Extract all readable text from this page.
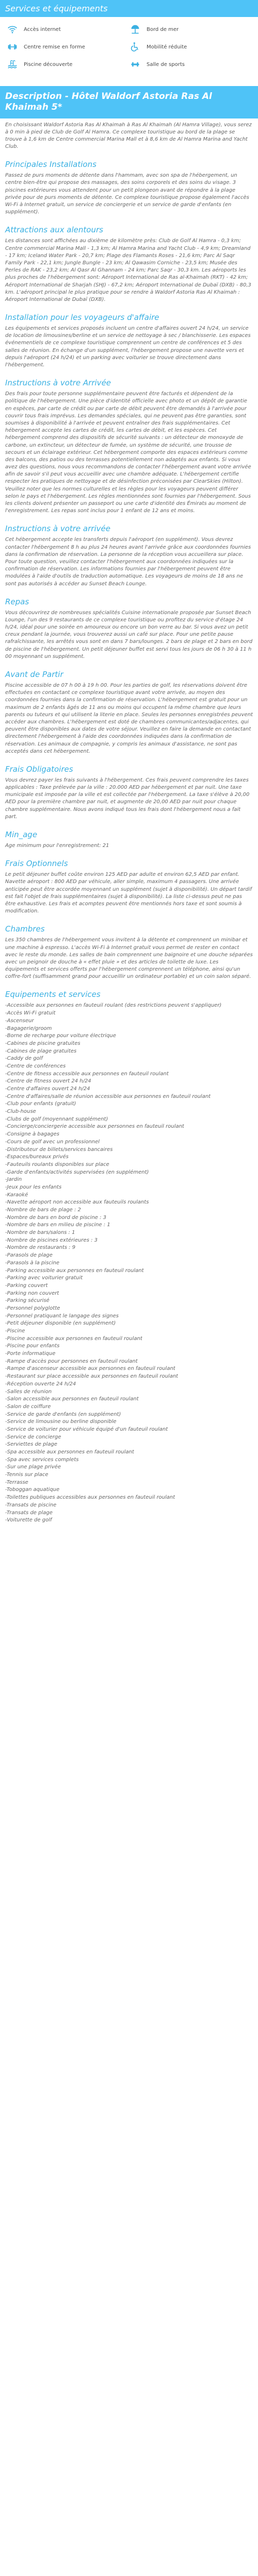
Services et équipements
Accès internet	Bord de mer
Centre remise en forme	Mobilité réduite
Piscine découverte	Salle de sports
Description - Hôtel Waldorf Astoria Ras Al Khaimah 5*

En choisissant Waldorf Astoria Ras Al Khaimah à Ras Al Khaimah (Al Hamra Village), vous serez à 0 min à pied de Club de Golf Al Hamra. Ce complexe touristique au bord de la plage se trouve à 1,6 km de Centre commercial Marina Mall et à 8,6 km de Al Hamra Marina and Yacht Club.

Principales Installations

Passez de purs moments de détente dans l'hammam, avec son spa de l'hébergement, un centre bien-être qui propose des massages, des soins corporels et des soins du visage. 3 piscines extérieures vous attendent pour un petit plongeon avant de répondre à la plage privée pour de purs moments de détente. Ce complexe touristique propose également l'accès Wi-Fi à Internet gratuit, un service de conciergerie et un service de garde d'enfants (en supplément).

Attractions aux alentours

Les distances sont affichées au dixième de kilomètre près: Club de Golf Al Hamra - 0,3 km; Centre commercial Marina Mall - 1,3 km; Al Hamra Marina and Yacht Club - 4,9 km; Dreamland - 17 km; Iceland Water Park - 20,7 km; Plage des Flamants Roses - 21,6 km; Parc Al Saqr Family Park - 22,1 km; Jungle Bungle - 23 km; Al Qawasim Corniche - 23,5 km; Musée des Perles de RAK - 23,2 km; Al Qasr Al Ghannam - 24 km; Parc Saqr - 30,3 km. Les aéroports les plus proches de l'hébergement sont: Aéroport International de Ras al-Khaimah (RKT) - 42 km; Aéroport International de Sharjah (SHJ) - 67,2 km; Aéroport International de Dubaï (DXB) - 80,3 km. L'aéroport principal le plus pratique pour se rendre à Waldorf Astoria Ras Al Khaimah : Aéroport International de Dubaï (DXB).

Installation pour les voyageurs d'affaire

Les équipements et services proposés incluent un centre d'affaires ouvert 24 h/24, un service de location de limousines/berline et un service de nettoyage à sec / blanchisserie. Les espaces événementiels de ce complexe touristique comprennent un centre de conférences et 5 des salles de réunion. En échange d'un supplément, l'hébergement propose une navette vers et depuis l'aéroport (24 h/24) et un parking avec voiturier se trouve directement dans l'hébergement.

Instructions à votre Arrivée

Des frais pour toute personne supplémentaire peuvent être facturés et dépendent de la politique de l'hébergement. Une pièce d'identité officielle avec photo et un dépôt de garantie en espèces, par carte de crédit ou par carte de débit peuvent être demandés à l'arrivée pour couvrir tous frais imprévus. Les demandes spéciales, qui ne peuvent pas être garanties, sont soumises à disponibilité à l'arrivée et peuvent entraîner des frais supplémentaires. Cet hébergement accepte les cartes de crédit, les cartes de débit, et les espèces. Cet hébergement comprend des dispositifs de sécurité suivants : un détecteur de monoxyde de carbone, un extincteur, un détecteur de fumée, un système de sécurité, une trousse de secours et un éclairage extérieur. Cet hébergement comporte des espaces extérieurs comme des balcons, des patios ou des terrasses potentiellement non adaptés aux enfants. Si vous avez des questions, nous vous recommandons de contacter l'hébergement avant votre arrivée afin de savoir s'il peut vous accueillir avec une chambre adéquate. L'hébergement certifie respecter les pratiques de nettoyage et de désinfection préconisées par ClearSkies (Hilton). Veuillez noter que les normes culturelles et les règles pour les voyageurs peuvent différer selon le pays et l'hébergement. Les règles mentionnées sont fournies par l'hébergement. Sous les clients doivent présenter un passeport ou une carte d'identité des Émirats au moment de l'enregistrement. Les repas sont inclus pour 1 enfant de 12 ans et moins.

Instructions à votre arrivée

Cet hébergement accepte les transferts depuis l'aéroport (en supplément). Vous devrez contacter l'hébergement 8 h au plus 24 heures avant l'arrivée grâce aux coordonnées fournies dans la confirmation de réservation. La personne de la réception vous accueillera sur place. Pour toute question, veuillez contacter l'hébergement aux coordonnées indiquées sur la confirmation de réservation. Les informations fournies par l'hébergement peuvent être modulées à l'aide d'outils de traduction automatique. Les voyageurs de moins de 18 ans ne sont pas autorisés à accéder au Sunset Beach Lounge.

Repas

Vous découvrirez de nombreuses spécialités Cuisine internationale proposée par Sunset Beach Lounge, l'un des 9 restaurants de ce complexe touristique ou profitez du service d'étage 24 h/24, idéal pour une soirée en amoureux ou encore un bon verre au bar. Si vous avez un petit creux pendant la journée, vous trouverez aussi un café sur place. Pour une petite pause rafraîchissante, les arrêtés vous sont en dans 7 bars/lounges. 2 bars de plage et 2 bars en bord de piscine de l'hébergement. Un petit déjeuner buffet est servi tous les jours de 06 h 30 à 11 h 00 moyennant un supplément.

Avant de Partir

Piscine accessible de 07 h 00 à 19 h 00. Pour les parties de golf, les réservations doivent être effectuées en contactant ce complexe touristique avant votre arrivée, au moyen des coordonnées fournies dans la confirmation de réservation. L'hébergement est gratuit pour un maximum de 2 enfants âgés de 11 ans ou moins qui occupent la même chambre que leurs parents ou tuteurs et qui utilisent la literie en place. Seules les personnes enregistrées peuvent accéder aux chambres. L'hébergement est doté de chambres communicantes/adjacentes, qui peuvent être disponibles aux dates de votre séjour. Veuillez en faire la demande en contactant directement l'hébergement à l'aide des coordonnées indiquées dans la confirmation de réservation. Les animaux de compagnie, y compris les animaux d'assistance, ne sont pas acceptés dans cet hébergement.

Frais Obligatoires

Vous devrez payer les frais suivants à l'hébergement. Ces frais peuvent comprendre les taxes applicables : Taxe prélevée par la ville : 20.000 AED par hébergement et par nuit. Une taxe municipale est imposée par la ville et est collectée par l'hébergement. La taxe s'élève à 20,00 AED pour la première chambre par nuit, et augmente de 20,00 AED par nuit pour chaque chambre supplémentaire. Nous avons indiqué tous les frais dont l'hébergement nous a fait part.

Min_age

Age minimum pour l'enregistrement: 21

Frais Optionnels

Le petit déjeuner buffet coûte environ 125 AED par adulte et environ 62,5 AED par enfant. Navette aéroport : 800 AED par véhicule, aller simple, maximum 4 passagers. Une arrivée anticipée peut être accordée moyennant un supplément (sujet à disponibilité). Un départ tardif est fait l'objet de frais supplémentaires (sujet à disponibilité). La liste ci-dessus peut ne pas être exhaustive. Les frais et acomptes peuvent être mentionnés hors taxe et sont soumis à modification.

Chambres

Les 350 chambres de l'hébergement vous invitent à la détente et comprennent un minibar et une machine à espresso. L'accès Wi-Fi à Internet gratuit vous permet de rester en contact avec le reste du monde. Les salles de bain comprennent une baignoire et une douche séparées avec un peignoir de douche à « effet pluie » et des articles de toilette de luxe. Les équipements et services offerts par l'hébergement comprennent un téléphone, ainsi qu'un coffre-fort (suffisamment grand pour accueillir un ordinateur portable) et un coin salon séparé.

Equipements et services
-Accessible aux personnes en fauteuil roulant (des restrictions peuvent s'appliquer)
-Accès Wi-Fi gratuit
-Ascenseur
-Bagagerie/groom
-Borne de recharge pour voiture électrique
-Cabines de piscine gratuites
-Cabines de plage gratuites
-Caddy de golf
-Centre de conférences
-Centre de fitness accessible aux personnes en fauteuil roulant
-Centre de fitness ouvert 24 h/24
-Centre d'affaires ouvert 24 h/24
-Centre d'affaires/salle de réunion accessible aux personnes en fauteuil roulant
-Club pour enfants (gratuit)
-Club-house
-Clubs de golf (moyennant supplément)
-Concierge/conciergerie accessible aux personnes en fauteuil roulant
-Consigne à bagages
-Cours de golf avec un professionnel
-Distributeur de billets/services bancaires
-Espaces/bureaux privés
-Fauteuils roulants disponibles sur place
-Garde d'enfants/activités supervisées (en supplément)
-Jardin
-Jeux pour les enfants
-Karaoké
-Navette aéroport non accessible aux fauteuils roulants
-Nombre de bars de plage : 2
-Nombre de bars en bord de piscine : 3
-Nombre de bars en milieu de piscine : 1
-Nombre de bars/salons : 1
-Nombre de piscines extérieures : 3
-Nombre de restaurants : 9
-Parasols de plage
-Parasols à la piscine
-Parking accessible aux personnes en fauteuil roulant
-Parking avec voiturier gratuit
-Parking couvert
-Parking non couvert
-Parking sécurisé
-Personnel polyglotte
-Personnel pratiquant le langage des signes
-Petit déjeuner disponible (en supplément)
-Piscine
-Piscine accessible aux personnes en fauteuil roulant
-Piscine pour enfants
-Porte informatique
-Rampe d'accès pour personnes en fauteuil roulant
-Rampe d'ascenseur accessible aux personnes en fauteuil roulant
-Restaurant sur place accessible aux personnes en fauteuil roulant
-Réception ouverte 24 h/24
-Salles de réunion
-Salon accessible aux personnes en fauteuil roulant
-Salon de coiffure
-Service de garde d'enfants (en supplément)
-Service de limousine ou berline disponible
-Service de voiturier pour véhicule équipé d'un fauteuil roulant
-Service de concierge
-Serviettes de plage
-Spa accessible aux personnes en fauteuil roulant
-Spa avec services complets
-Sur une plage privée
-Tennis sur place
-Terrasse
-Toboggan aquatique
-Toilettes publiques accessibles aux personnes en fauteuil roulant
-Transats de piscine
-Transats de plage
-Voiturette de golf
